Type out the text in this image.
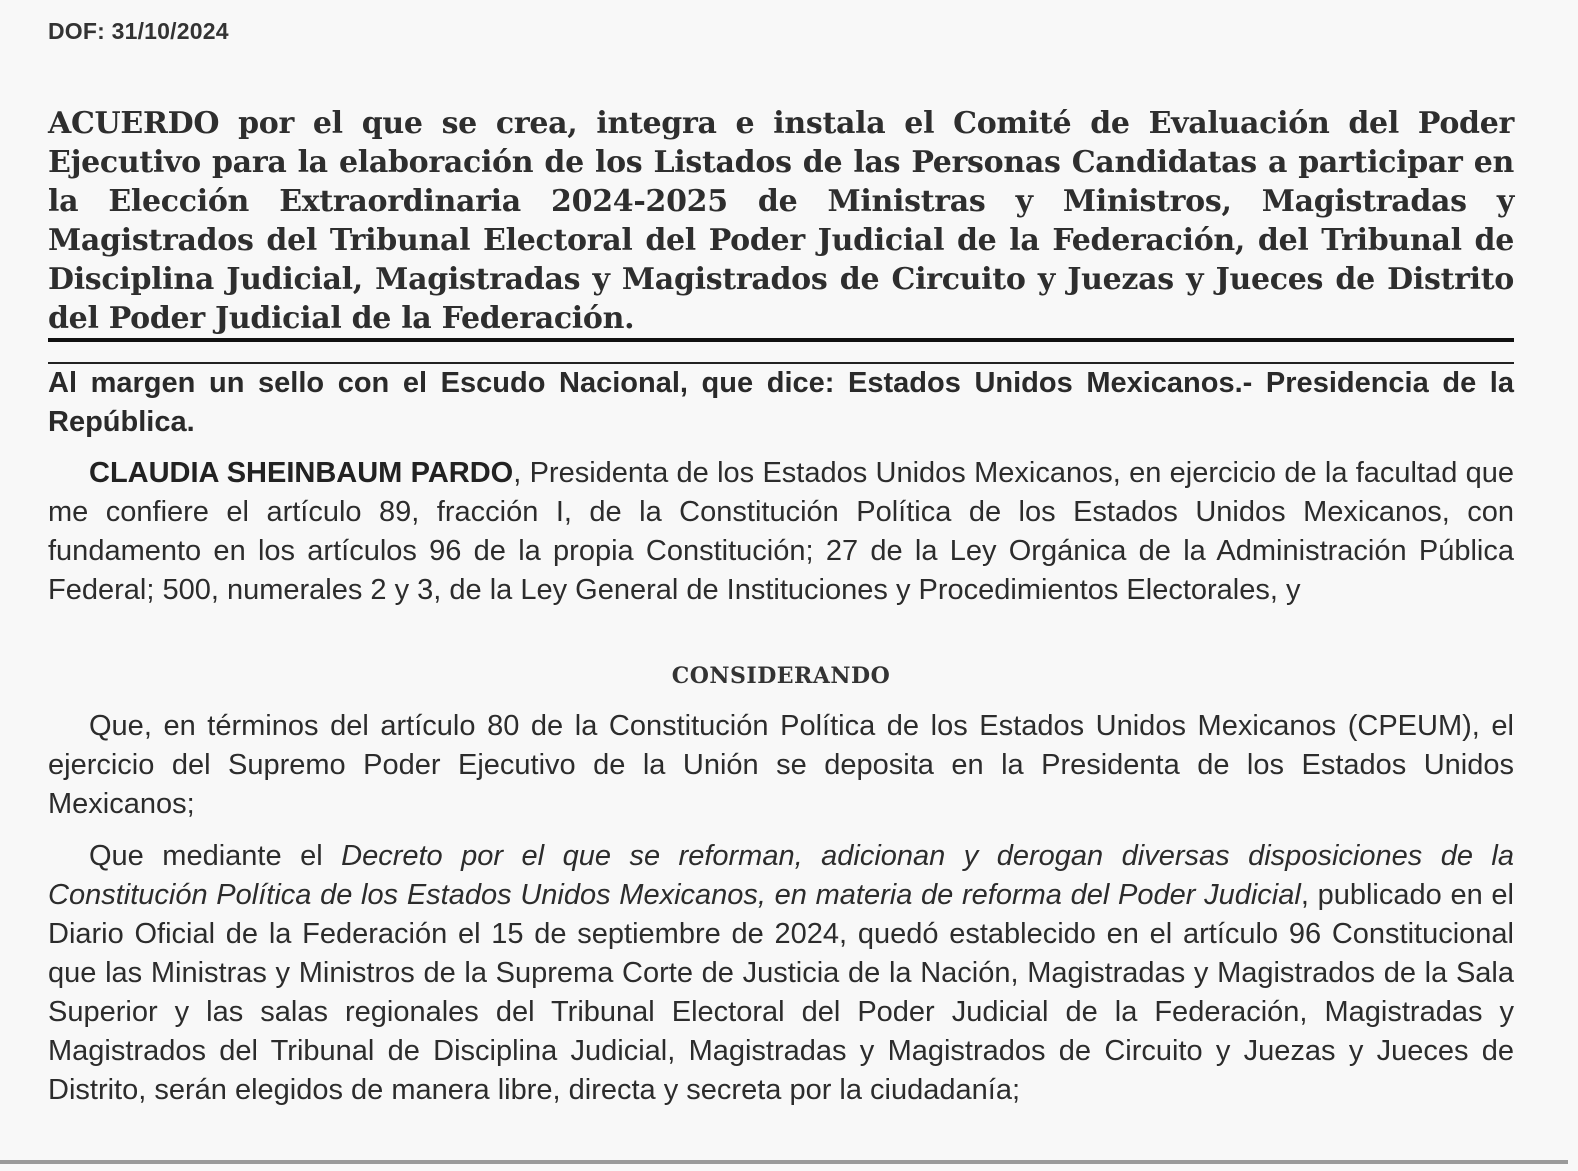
DOF: 31/10/2024
ACUERDO por el que se crea, integra e instala el Comité de Evaluación del Poder Ejecutivo para la elaboración de los Listados de las Personas Candidatas a participar en la Elección Extraordinaria 2024-2025 de Ministras y Ministros, Magistradas y Magistrados del Tribunal Electoral del Poder Judicial de la Federación, del Tribunal de Disciplina Judicial, Magistradas y Magistrados de Circuito y Juezas y Jueces de Distrito del Poder Judicial de la Federación.
Al margen un sello con el Escudo Nacional, que dice: Estados Unidos Mexicanos.- Presidencia de la República.
CLAUDIA SHEINBAUM PARDO, Presidenta de los Estados Unidos Mexicanos, en ejercicio de la facultad que me confiere el artículo 89, fracción I, de la Constitución Política de los Estados Unidos Mexicanos, con fundamento en los artículos 96 de la propia Constitución; 27 de la Ley Orgánica de la Administración Pública Federal; 500, numerales 2 y 3, de la Ley General de Instituciones y Procedimientos Electorales, y
CONSIDERANDO
Que, en términos del artículo 80 de la Constitución Política de los Estados Unidos Mexicanos (CPEUM), el ejercicio del Supremo Poder Ejecutivo de la Unión se deposita en la Presidenta de los Estados Unidos Mexicanos;
Que mediante el Decreto por el que se reforman, adicionan y derogan diversas disposiciones de la Constitución Política de los Estados Unidos Mexicanos, en materia de reforma del Poder Judicial, publicado en el Diario Oficial de la Federación el 15 de septiembre de 2024, quedó establecido en el artículo 96 Constitucional que las Ministras y Ministros de la Suprema Corte de Justicia de la Nación, Magistradas y Magistrados de la Sala Superior y las salas regionales del Tribunal Electoral del Poder Judicial de la Federación, Magistradas y Magistrados del Tribunal de Disciplina Judicial, Magistradas y Magistrados de Circuito y Juezas y Jueces de Distrito, serán elegidos de manera libre, directa y secreta por la ciudadanía;
